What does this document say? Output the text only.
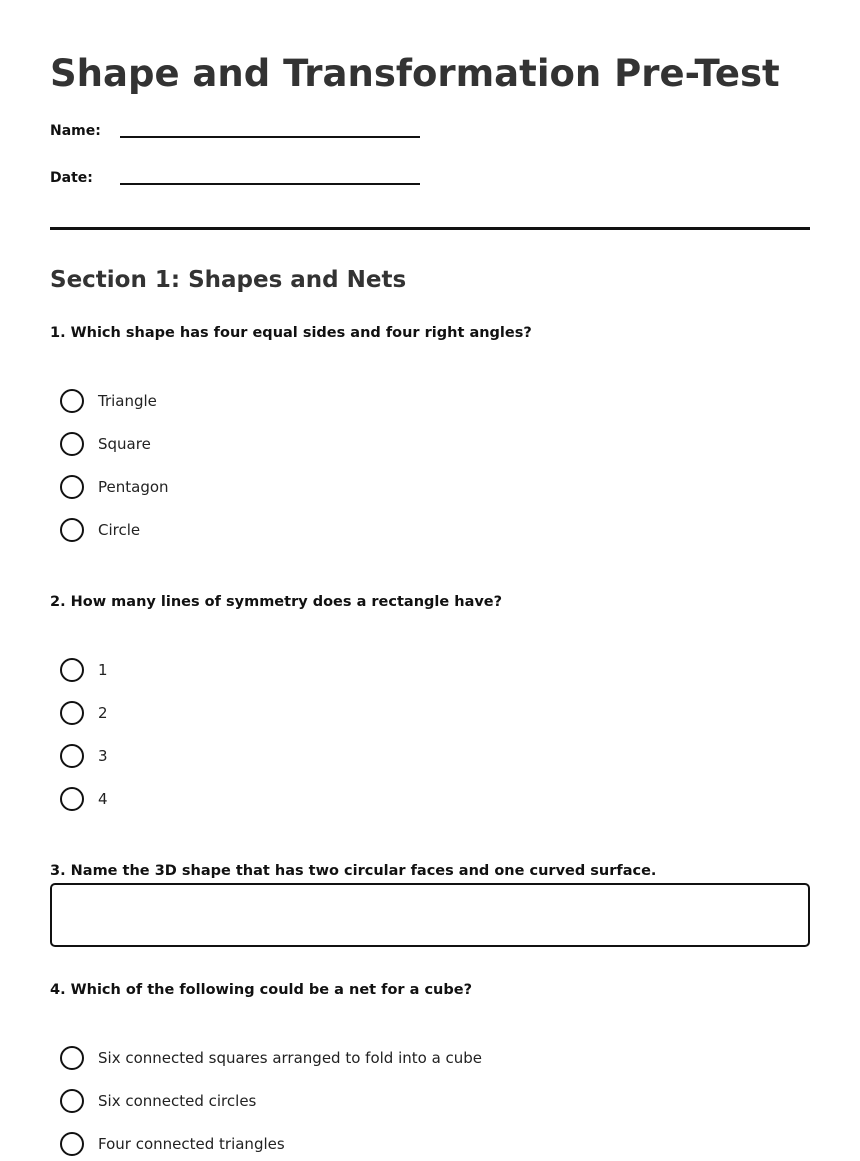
Shape and Transformation Pre-Test
Name:
Date:
Section 1: Shapes and Nets
1. Which shape has four equal sides and four right angles?
Triangle
Square
Pentagon
Circle
2. How many lines of symmetry does a rectangle have?
1
2
3
4
3. Name the 3D shape that has two circular faces and one curved surface.
4. Which of the following could be a net for a cube?
Six connected squares arranged to fold into a cube
Six connected circles
Four connected triangles
